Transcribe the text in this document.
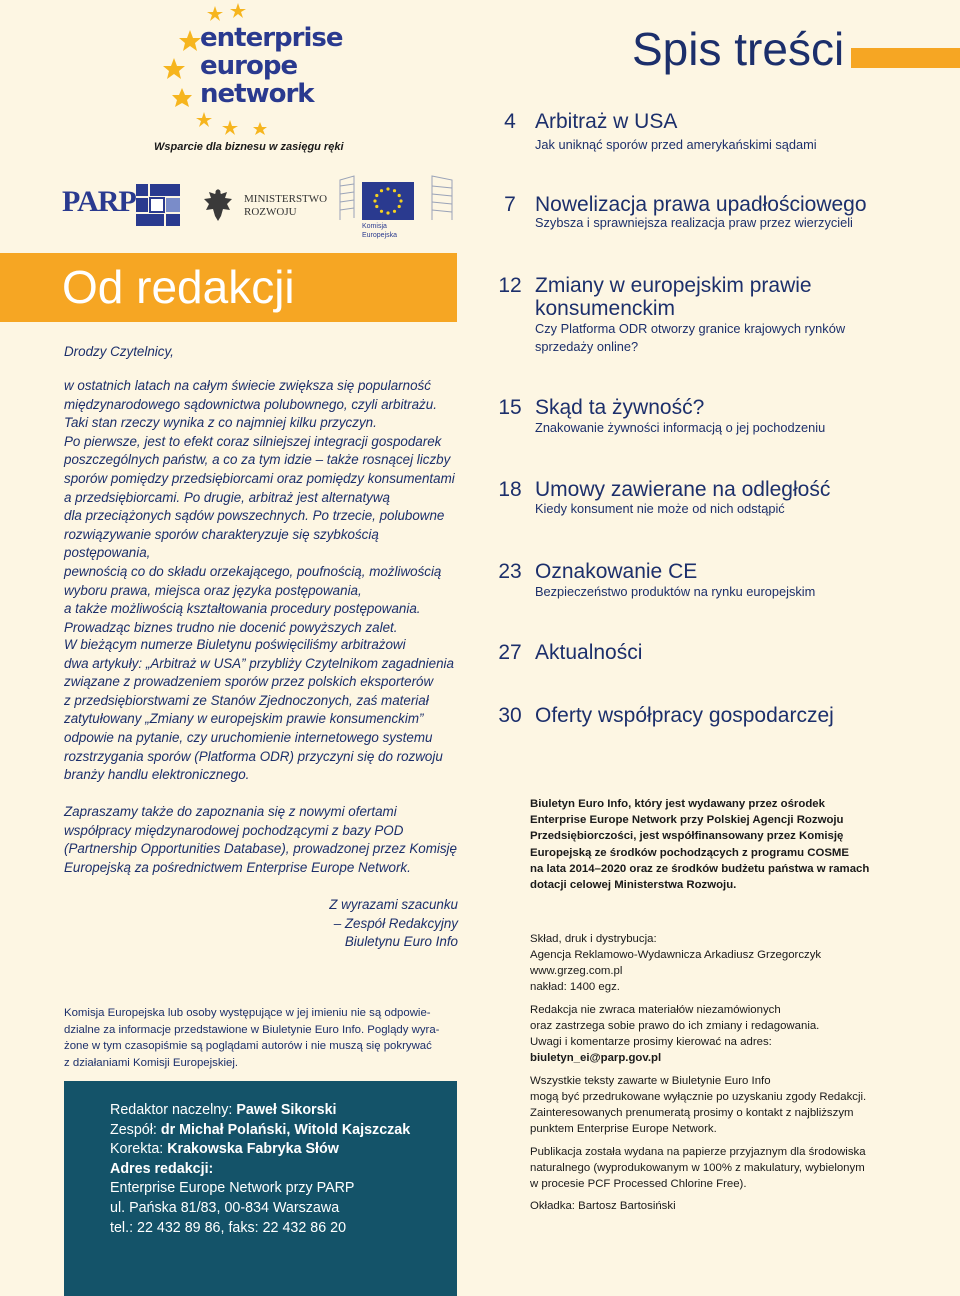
enterprise
europe
network
Wsparcie dla biznesu w zasięgu ręki
PARP	MINISTERSTWO
ROZWOJU
Komisja
Europejska
Od redakcji
Drodzy Czytelnicy,
w ostatnich latach na całym świecie zwiększa się popularność
międzynarodowego sądownictwa polubownego, czyli arbitrażu.
Taki stan rzeczy wynika z co najmniej kilku przyczyn.
Po pierwsze, jest to efekt coraz silniejszej integracji gospodarek
poszczególnych państw, a co za tym idzie – także rosnącej liczby
sporów pomiędzy przedsiębiorcami oraz pomiędzy konsumentami
a przedsiębiorcami. Po drugie, arbitraż jest alternatywą
dla przeciążonych sądów powszechnych. Po trzecie, polubowne
rozwiązywanie sporów charakteryzuje się szybkością postępowania,
pewnością co do składu orzekającego, poufnością, możliwością
wyboru prawa, miejsca oraz języka postępowania,
a także możliwością kształtowania procedury postępowania.
Prowadząc biznes trudno nie docenić powyższych zalet.
W bieżącym numerze Biuletynu poświęciliśmy arbitrażowi
dwa artykuły: „Arbitraż w USA” przybliży Czytelnikom zagadnienia
związane z prowadzeniem sporów przez polskich eksporterów
z przedsiębiorstwami ze Stanów Zjednoczonych, zaś materiał
zatytułowany „Zmiany w europejskim prawie konsumenckim”
odpowie na pytanie, czy uruchomienie internetowego systemu
rozstrzygania sporów (Platforma ODR) przyczyni się do rozwoju
branży handlu elektronicznego.
Zapraszamy także do zapoznania się z nowymi ofertami
współpracy międzynarodowej pochodzącymi z bazy POD
(Partnership Opportunities Database), prowadzonej przez Komisję
Europejską za pośrednictwem Enterprise Europe Network.
Z wyrazami szacunku
– Zespół Redakcyjny
Biuletynu Euro Info
Komisja Europejska lub osoby występujące w jej imieniu nie są odpowie-
dzialne za informacje przedstawione w Biuletynie Euro Info. Poglądy wyra-
żone w tym czasopiśmie są poglądami autorów i nie muszą się pokrywać
z działaniami Komisji Europejskiej.
Redaktor naczelny: Paweł Sikorski
Zespół: dr Michał Polański, Witold Kajszczak
Korekta: Krakowska Fabryka Słów
Adres redakcji:
Enterprise Europe Network przy PARP
ul. Pańska 81/83, 00-834 Warszawa
tel.: 22 432 89 86, faks: 22 432 86 20
Spis treści
4 Arbitraż w USA
Jak uniknąć sporów przed amerykańskimi sądami
7 Nowelizacja prawa upadłościowego
Szybsza i sprawniejsza realizacja praw przez wierzycieli
12 Zmiany w europejskim prawie konsumenckim
Czy Platforma ODR otworzy granice krajowych rynków sprzedaży online?
15 Skąd ta żywność?
Znakowanie żywności informacją o jej pochodzeniu
18 Umowy zawierane na odległość
Kiedy konsument nie może od nich odstąpić
23 Oznakowanie CE
Bezpieczeństwo produktów na rynku europejskim
27 Aktualności
30 Oferty współpracy gospodarczej
Biuletyn Euro Info, który jest wydawany przez ośrodek
Enterprise Europe Network przy Polskiej Agencji Rozwoju
Przedsiębiorczości, jest współfinansowany przez Komisję
Europejską ze środków pochodzących z programu COSME
na lata 2014–2020 oraz ze środków budżetu państwa w ramach
dotacji celowej Ministerstwa Rozwoju.
Skład, druk i dystrybucja:
Agencja Reklamowo-Wydawnicza Arkadiusz Grzegorczyk
www.grzeg.com.pl
nakład: 1400 egz.
Redakcja nie zwraca materiałów niezamówionych
oraz zastrzega sobie prawo do ich zmiany i redagowania.
Uwagi i komentarze prosimy kierować na adres:
biuletyn_ei@parp.gov.pl
Wszystkie teksty zawarte w Biuletynie Euro Info
mogą być przedrukowane wyłącznie po uzyskaniu zgody Redakcji.
Zainteresowanych prenumeratą prosimy o kontakt z najbliższym
punktem Enterprise Europe Network.
Publikacja została wydana na papierze przyjaznym dla środowiska
naturalnego (wyprodukowanym w 100% z makulatury, wybielonym
w procesie PCF Processed Chlorine Free).
Okładka: Bartosz Bartosiński
